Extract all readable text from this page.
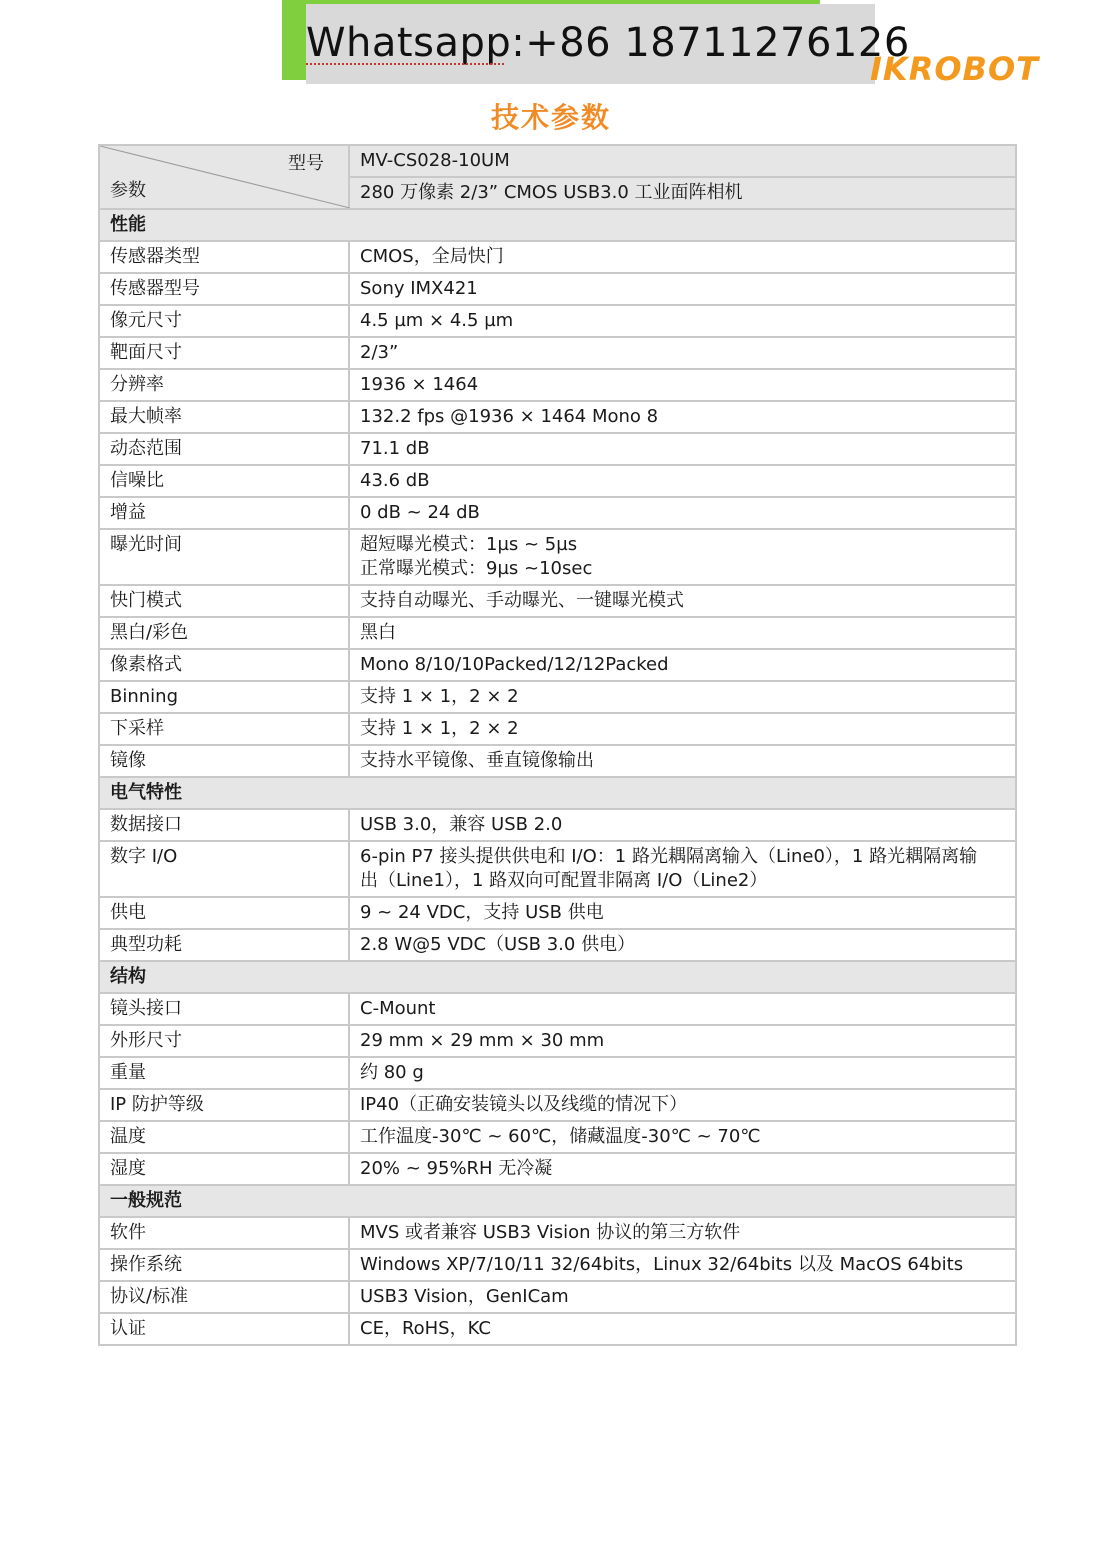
Whatsapp:+86 18711276126
IKROBOT
技术参数
型号
参数	MV-CS028-10UM
	280 万像素 2/3” CMOS USB3.0 工业面阵相机
性能	
传感器类型	CMOS，全局快门

传感器型号	Sony IMX421

像元尺寸	4.5 µm × 4.5 µm

靶面尺寸	2/3”

分辨率	1936 × 1464

最大帧率	132.2 fps @1936 × 1464 Mono 8

动态范围	71.1 dB

信噪比	43.6 dB

增益	0 dB ~ 24 dB

曝光时间	超短曝光模式：1µs ~ 5µs
正常曝光模式：9µs ~10sec

快门模式	支持自动曝光、手动曝光、一键曝光模式

黑白/彩色	黑白

像素格式	Mono 8/10/10Packed/12/12Packed

Binning	支持 1 × 1，2 × 2

下采样	支持 1 × 1，2 × 2

镜像	支持水平镜像、垂直镜像输出

电气特性	
数据接口	USB 3.0，兼容 USB 2.0

数字 I/O	6-pin P7 接头提供供电和 I/O：1 路光耦隔离输入（Line0），1 路光耦隔离输
出（Line1），1 路双向可配置非隔离 I/O（Line2）

供电	9 ~ 24 VDC，支持 USB 供电

典型功耗	2.8 W@5 VDC（USB 3.0 供电）

结构	
镜头接口	C-Mount

外形尺寸	29 mm × 29 mm × 30 mm

重量	约 80 g

IP 防护等级	IP40（正确安装镜头以及线缆的情况下）

温度	工作温度-30℃ ~ 60℃，储藏温度-30℃ ~ 70℃

湿度	20% ~ 95%RH 无冷凝

一般规范	
软件	MVS 或者兼容 USB3 Vision 协议的第三方软件

操作系统	Windows XP/7/10/11 32/64bits，Linux 32/64bits 以及 MacOS 64bits

协议/标准	USB3 Vision，GenICam

认证	CE，RoHS，KC
